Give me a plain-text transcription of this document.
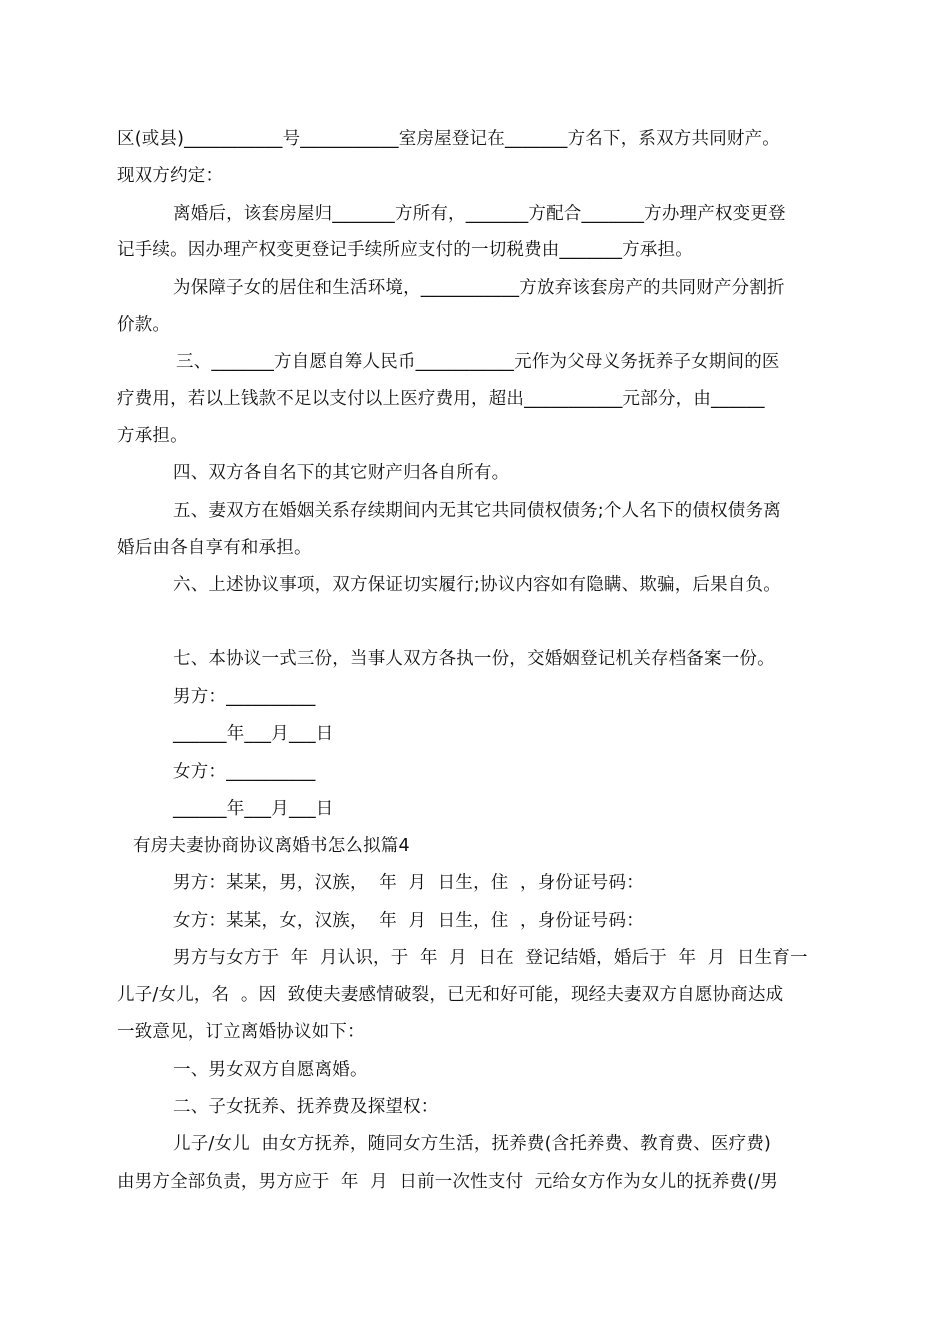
区(或县)___________号___________室房屋登记在_______方名下，系双方共同财产。
现双方约定：
离婚后，该套房屋归_______方所有，_______方配合_______方办理产权变更登
记手续。因办理产权变更登记手续所应支付的一切税费由_______方承担。
为保障子女的居住和生活环境，___________方放弃该套房产的共同财产分割折
价款。
三、_______方自愿自筹人民币___________元作为父母义务抚养子女期间的医
疗费用，若以上钱款不足以支付以上医疗费用，超出___________元部分，由______
方承担。
四、双方各自名下的其它财产归各自所有。
五、妻双方在婚姻关系存续期间内无其它共同债权债务;个人名下的债权债务离
婚后由各自享有和承担。
六、上述协议事项，双方保证切实履行;协议内容如有隐瞒、欺骗，后果自负。
七、本协议一式三份，当事人双方各执一份，交婚姻登记机关存档备案一份。
男方：__________
______年___月___日
女方：__________
______年___月___日
有房夫妻协商协议离婚书怎么拟篇4
男方：某某，男，汉族，  年  月  日生，住  ，身份证号码：
女方：某某，女，汉族，  年  月  日生，住  ，身份证号码：
男方与女方于  年  月认识，于  年  月  日在  登记结婚，婚后于  年  月  日生育一
儿子/女儿，名  。因  致使夫妻感情破裂，已无和好可能，现经夫妻双方自愿协商达成
一致意见，订立离婚协议如下：
一、男女双方自愿离婚。
二、子女抚养、抚养费及探望权：
儿子/女儿  由女方抚养，随同女方生活，抚养费(含托养费、教育费、医疗费)
由男方全部负责，男方应于  年  月  日前一次性支付  元给女方作为女儿的抚养费(/男
